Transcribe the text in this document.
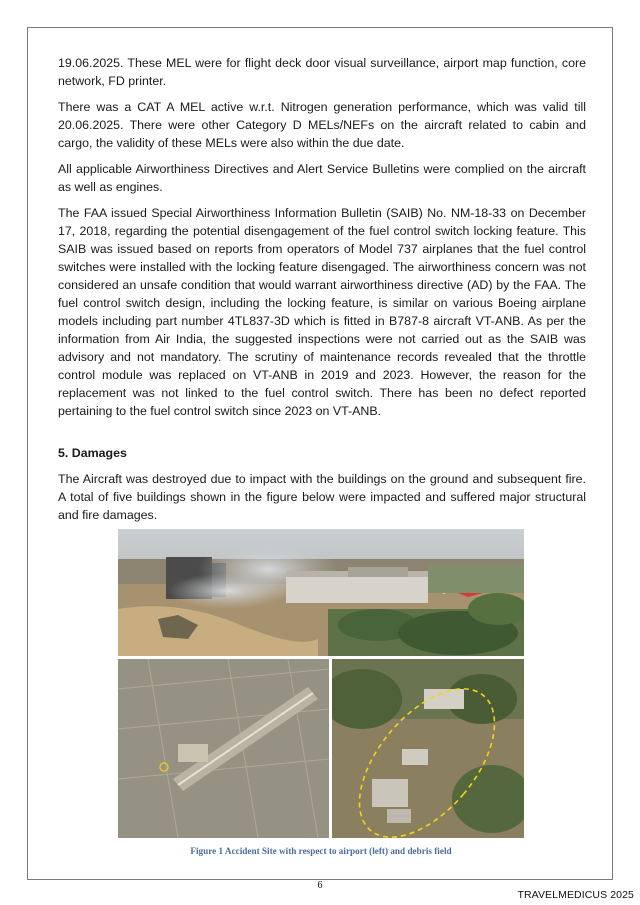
19.06.2025. These MEL were for flight deck door visual surveillance, airport map function, core network, FD printer.

There was a CAT A MEL active w.r.t. Nitrogen generation performance, which was valid till 20.06.2025. There were other Category D MELs/NEFs on the aircraft related to cabin and cargo, the validity of these MELs were also within the due date.

All applicable Airworthiness Directives and Alert Service Bulletins were complied on the aircraft as well as engines.

The FAA issued Special Airworthiness Information Bulletin (SAIB) No. NM-18-33 on December 17, 2018, regarding the potential disengagement of the fuel control switch locking feature. This SAIB was issued based on reports from operators of Model 737 airplanes that the fuel control switches were installed with the locking feature disengaged. The airworthiness concern was not considered an unsafe condition that would warrant airworthiness directive (AD) by the FAA. The fuel control switch design, including the locking feature, is similar on various Boeing airplane models including part number 4TL837-3D which is fitted in B787-8 aircraft VT-ANB. As per the information from Air India, the suggested inspections were not carried out as the SAIB was advisory and not mandatory. The scrutiny of maintenance records revealed that the throttle control module was replaced on VT-ANB in 2019 and 2023. However, the reason for the replacement was not linked to the fuel control switch. There has been no defect reported pertaining to the fuel control switch since 2023 on VT-ANB.

5. Damages

The Aircraft was destroyed due to impact with the buildings on the ground and subsequent fire. A total of five buildings shown in the figure below were impacted and suffered major structural and fire damages.

Figure 1 Accident Site with respect to airport (left) and debris field
6
TRAVELMEDICUS 2025
